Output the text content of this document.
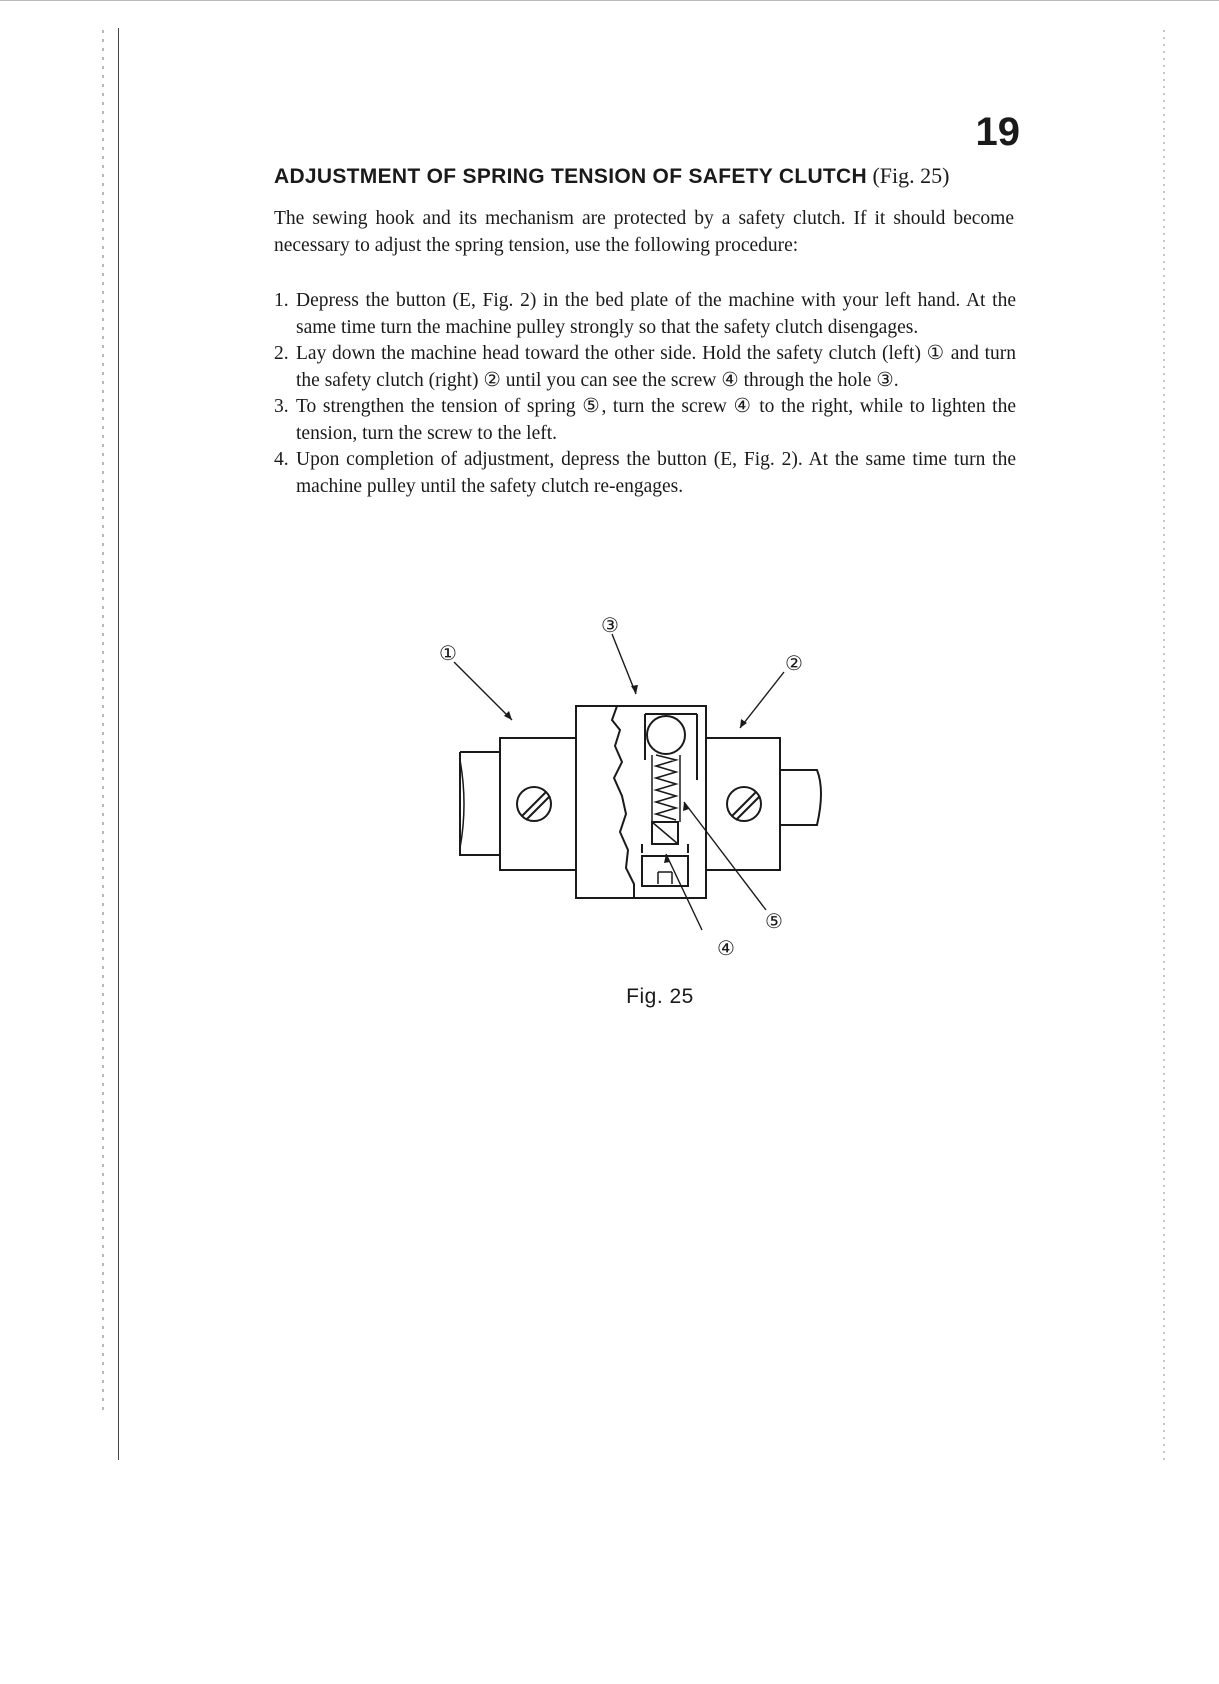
19
ADJUSTMENT OF SPRING TENSION OF SAFETY CLUTCH (Fig. 25)
The sewing hook and its mechanism are protected by a safety clutch. If it should become necessary to adjust the spring tension, use the following procedure:
1. Depress the button (E, Fig. 2) in the bed plate of the machine with your left hand. At the same time turn the machine pulley strongly so that the safety clutch disengages.
2. Lay down the machine head toward the other side. Hold the safety clutch (left) ① and turn the safety clutch (right) ② until you can see the screw ④ through the hole ③.
3. To strengthen the tension of spring ⑤, turn the screw ④ to the right, while to lighten the tension, turn the screw to the left.
4. Upon completion of adjustment, depress the button (E, Fig. 2). At the same time turn the machine pulley until the safety clutch re-engages.
①
③
②
⑤
④
Fig. 25
